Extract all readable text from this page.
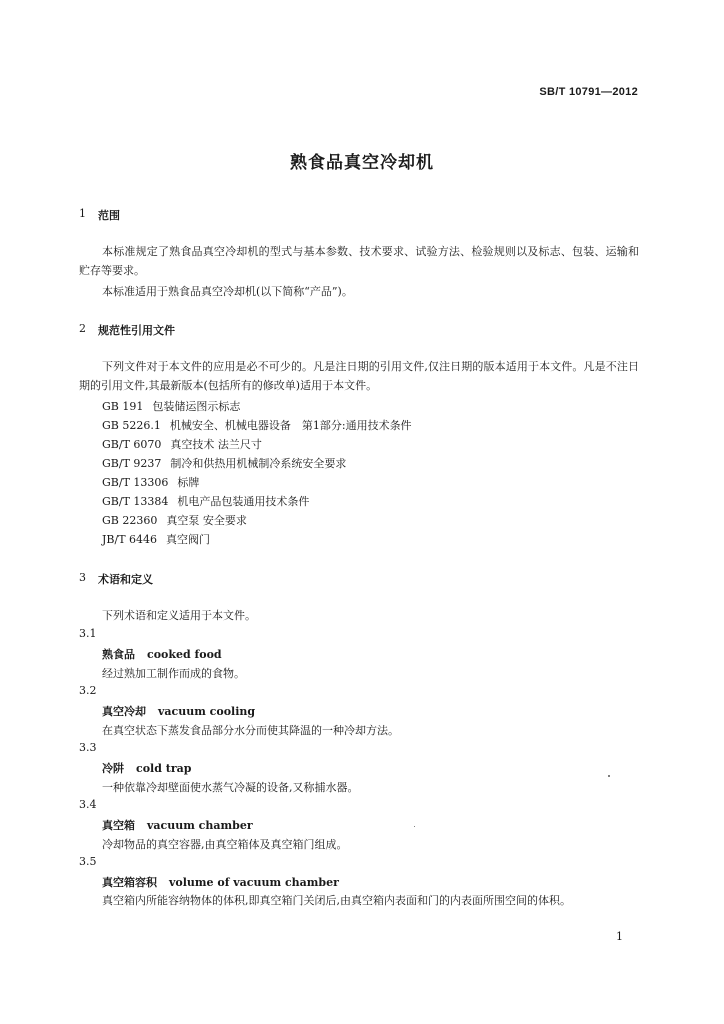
SB/T 10791—2012
熟食品真空冷却机
1 范围
本标准规定了熟食品真空冷却机的型式与基本参数、技术要求、试验方法、检验规则以及标志、包装、运输和贮存等要求。
本标准适用于熟食品真空冷却机(以下简称“产品”)。
2 规范性引用文件
下列文件对于本文件的应用是必不可少的。凡是注日期的引用文件,仅注日期的版本适用于本文件。凡是不注日期的引用文件,其最新版本(包括所有的修改单)适用于本文件。
GB 191 包装储运图示标志
GB 5226.1 机械安全、机械电器设备　第1部分:通用技术条件
GB/T 6070 真空技术 法兰尺寸
GB/T 9237 制冷和供热用机械制冷系统安全要求
GB/T 13306 标牌
GB/T 13384 机电产品包装通用技术条件
GB 22360 真空泵 安全要求
JB/T 6446 真空阀门
3 术语和定义
下列术语和定义适用于本文件。
3.1
熟食品 cooked food
经过熟加工制作而成的食物。
3.2
真空冷却 vacuum cooling
在真空状态下蒸发食品部分水分而使其降温的一种冷却方法。
3.3
冷阱 cold trap
一种依靠冷却壁面使水蒸气冷凝的设备,又称捕水器。
3.4
真空箱 vacuum chamber
冷却物品的真空容器,由真空箱体及真空箱门组成。
3.5
真空箱容积 volume of vacuum chamber
真空箱内所能容纳物体的体积,即真空箱门关闭后,由真空箱内表面和门的内表面所围空间的体积。
1
